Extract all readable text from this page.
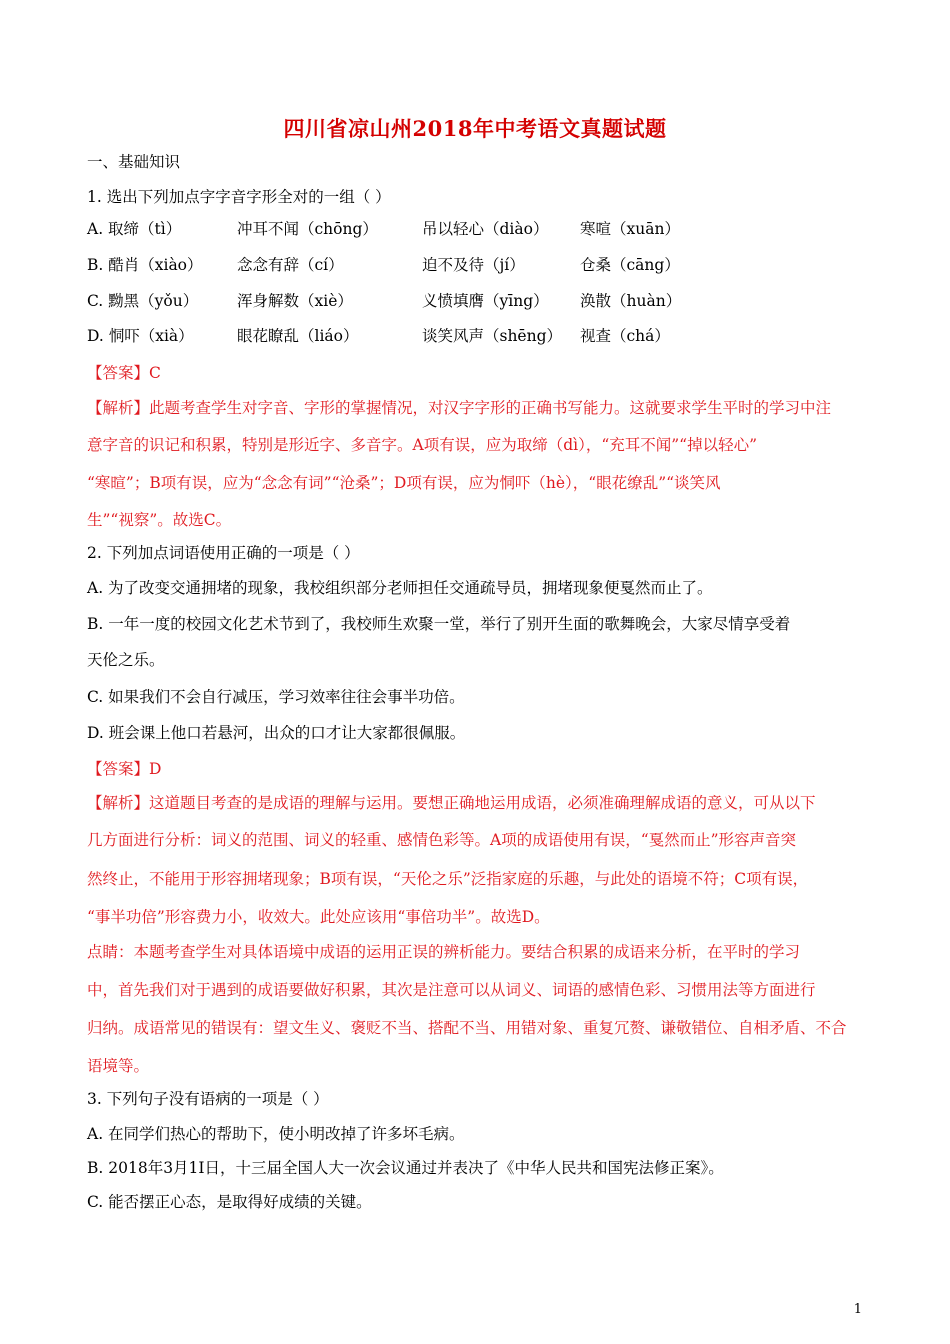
四川省凉山州2018年中考语文真题试题
一、基础知识
1. 选出下列加点字字音字形全对的一组（ ）
A. 取缔（tì）	冲耳不闻（chōng）	吊以轻心（diào） 寒喧（xuān）
B. 酷肖（xiào） 念念有辞（cí）	迫不及待（jí）	仓桑（cāng）
C. 黝黑（yǒu）	浑身解数（xiè）	义愤填膺（yīng） 涣散（huàn）
D. 恫吓（xià）	眼花瞭乱（liáo）	谈笑风声（shēng） 视查（chá）
【答案】C
【解析】此题考查学生对字音、字形的掌握情况，对汉字字形的正确书写能力。这就要求学生平时的学习中注
意字音的识记和积累，特别是形近字、多音字。A项有误，应为取缔（dì），“充耳不闻”“掉以轻心”
“寒暄”；B项有误，应为“念念有词”“沧桑”；D项有误，应为恫吓（hè），“眼花缭乱”“谈笑风
生”“视察”。故选C。
2. 下列加点词语使用正确的一项是（ ）
A. 为了改变交通拥堵的现象，我校组织部分老师担任交通疏导员，拥堵现象便戛然而止了。
B. 一年一度的校园文化艺术节到了，我校师生欢聚一堂，举行了别开生面的歌舞晚会，大家尽情享受着
天伦之乐。
C. 如果我们不会自行减压，学习效率往往会事半功倍。
D. 班会课上他口若悬河，出众的口才让大家都很佩服。
【答案】D
【解析】这道题目考查的是成语的理解与运用。要想正确地运用成语，必须准确理解成语的意义，可从以下
几方面进行分析：词义的范围、词义的轻重、感情色彩等。A项的成语使用有误，“戛然而止”形容声音突
然终止，不能用于形容拥堵现象；B项有误，“天伦之乐”泛指家庭的乐趣，与此处的语境不符；C项有误，
“事半功倍”形容费力小，收效大。此处应该用“事倍功半”。故选D。
点睛：本题考查学生对具体语境中成语的运用正误的辨析能力。要结合积累的成语来分析，在平时的学习
中，首先我们对于遇到的成语要做好积累，其次是注意可以从词义、词语的感情色彩、习惯用法等方面进行
归纳。成语常见的错误有：望文生义、褒贬不当、搭配不当、用错对象、重复冗赘、谦敬错位、自相矛盾、不合
语境等。
3. 下列句子没有语病的一项是（ ）
A. 在同学们热心的帮助下，使小明改掉了许多坏毛病。
B. 2018年3月1I日，十三届全国人大一次会议通过并表决了《中华人民共和国宪法修正案》。
C. 能否摆正心态，是取得好成绩的关键。
1
